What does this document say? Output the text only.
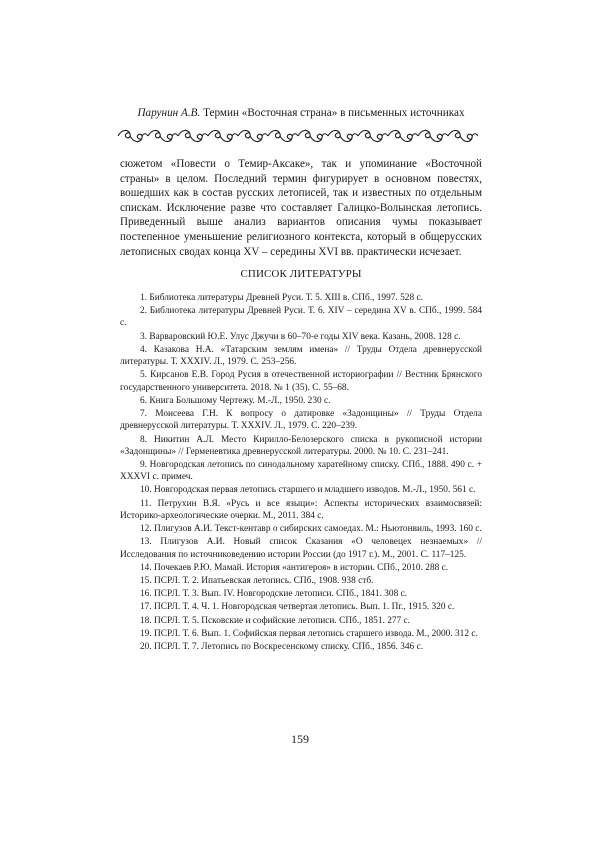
Парунин А.В. Термин «Восточная страна» в письменных источниках

сюжетом «Повести о Темир-Аксаке», так и упоминание «Восточной страны» в целом. Последний термин фигурирует в основном повестях, вошедших как в состав русских летописей, так и известных по отдельным спискам. Исключение разве что составляет Галицко-Волынская летопись. Приведенный выше анализ вариантов описания чумы показывает постепенное уменьшение религиозного контекста, который в общерусских летописных сводах конца XV – середины XVI вв. практически исчезает.

СПИСОК ЛИТЕРАТУРЫ
1. Библиотека литературы Древней Руси. Т. 5. XIII в. СПб., 1997. 528 с.
2. Библиотека литературы Древней Руси. Т. 6. XIV – середина XV в. СПб., 1999. 584 с.
3. Варваровский Ю.Е. Улус Джучи в 60–70-е годы XIV века. Казань, 2008. 128 с.
4. Казакова Н.А. «Татарским землям имена» // Труды Отдела древнерусской литературы. Т. XXXIV. Л., 1979. С. 253–256.
5. Кирсанов Е.В. Город Русия в отечественной историографии // Вестник Брянского государственного университета. 2018. № 1 (35). С. 55–68.
6. Книга Большому Чертежу. М.-Л., 1950. 230 с.
7. Моисеева Г.Н. К вопросу о датировке «Задонщины» // Труды Отдела древнерусской литературы. Т. XXXIV. Л., 1979. С. 220–239.
8. Никитин А.Л. Место Кирилло-Белозерского списка в рукописной истории «Задонщины» // Герменевтика древнерусской литературы. 2000. № 10. С. 231–241.
9. Новгородская летопись по синодальному харатейному списку. СПб., 1888. 490 с. + XXXVI с. примеч.
10. Новгородская первая летопись старшего и младшего изводов. М.-Л., 1950. 561 с.
11. Петрухин В.Я. «Русь и все языци»: Аспекты исторических взаимосвязей: Историко-археологические очерки. М., 2011. 384 с.
12. Плигузов А.И. Текст-кентавр о сибирских самоедах. М.: Ньютонвиль, 1993. 160 с.
13. Плигузов А.И. Новый список Сказания «О человецех незнаемых» // Исследования по источниковедению истории России (до 1917 г.). М., 2001. С. 117–125.
14. Почекаев Р.Ю. Мамай. История «антигероя» в истории. СПб., 2010. 288 с.
15. ПСРЛ. Т. 2. Ипатьевская летопись. СПб., 1908. 938 стб.
16. ПСРЛ. Т. 3. Вып. IV. Новгородские летописи. СПб., 1841. 308 с.
17. ПСРЛ. Т. 4. Ч. 1. Новгородская четвертая летопись. Вып. 1. Пг., 1915. 320 с.
18. ПСРЛ. Т. 5. Псковские и софийские летописи. СПб., 1851. 277 с.
19. ПСРЛ. Т. 6. Вып. 1. Софийская первая летопись старшего извода. М., 2000. 312 с.
20. ПСРЛ. Т. 7. Летопись по Воскресенскому списку. СПб., 1856. 346 с.
159
